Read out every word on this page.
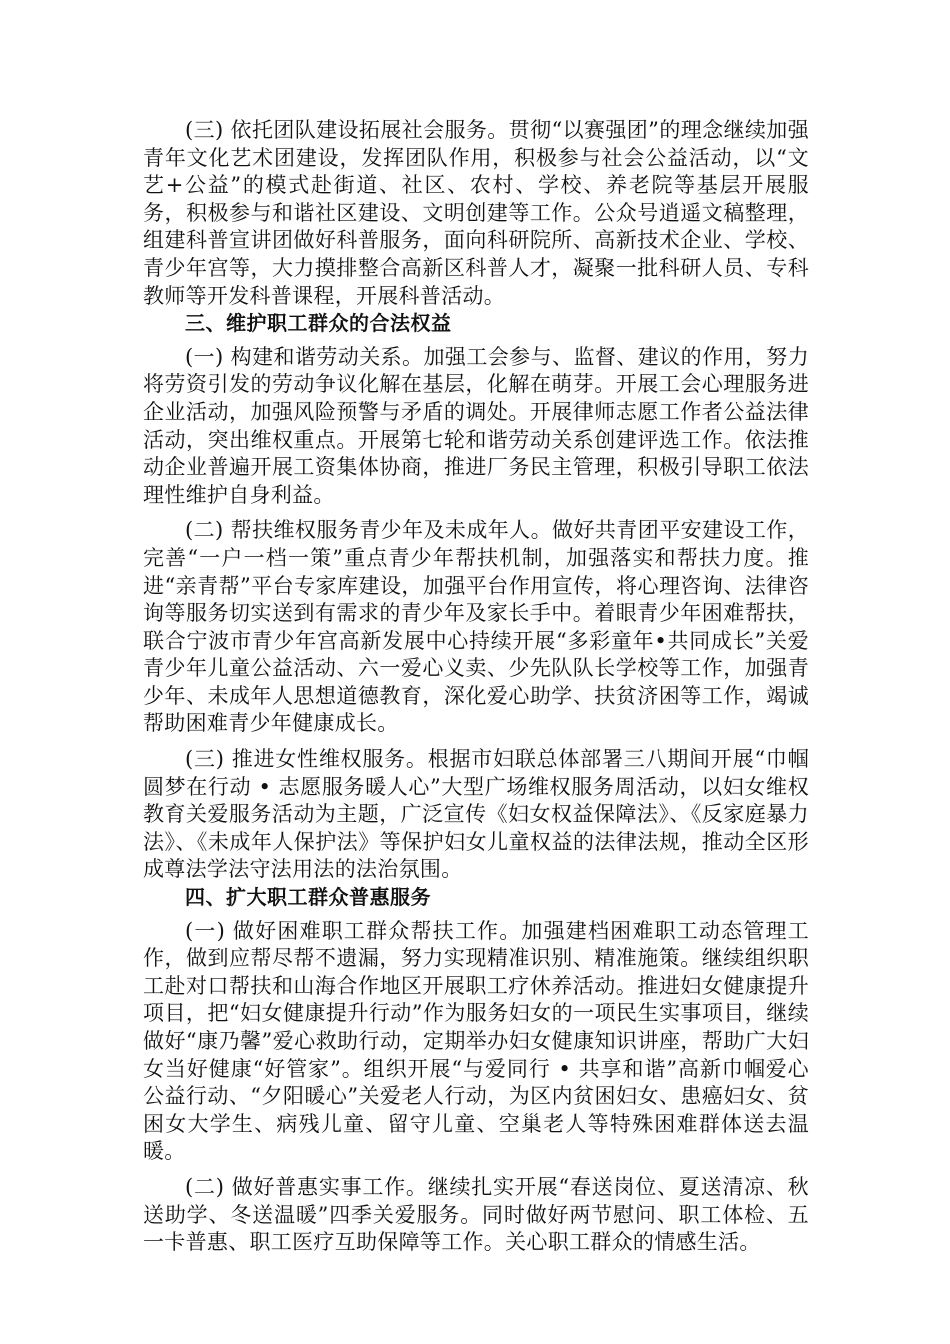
(三) 依托团队建设拓展社会服务。贯彻“以赛强团”的理念继续加强青年文化艺术团建设，发挥团队作用，积极参与社会公益活动，以“文艺+公益”的模式赴街道、社区、农村、学校、养老院等基层开展服务，积极参与和谐社区建设、文明创建等工作。公众号逍遥文稿整理，组建科普宣讲团做好科普服务，面向科研院所、高新技术企业、学校、青少年宫等，大力摸排整合高新区科普人才，凝聚一批科研人员、专科教师等开发科普课程，开展科普活动。

三、维护职工群众的合法权益

(一) 构建和谐劳动关系。加强工会参与、监督、建议的作用，努力将劳资引发的劳动争议化解在基层，化解在萌芽。开展工会心理服务进企业活动，加强风险预警与矛盾的调处。开展律师志愿工作者公益法律活动，突出维权重点。开展第七轮和谐劳动关系创建评选工作。依法推动企业普遍开展工资集体协商，推进厂务民主管理，积极引导职工依法理性维护自身利益。

(二) 帮扶维权服务青少年及未成年人。做好共青团平安建设工作，完善“一户一档一策”重点青少年帮扶机制，加强落实和帮扶力度。推进“亲青帮”平台专家库建设，加强平台作用宣传，将心理咨询、法律咨询等服务切实送到有需求的青少年及家长手中。着眼青少年困难帮扶，联合宁波市青少年宫高新发展中心持续开展“多彩童年•共同成长”关爱青少年儿童公益活动、六一爱心义卖、少先队队长学校等工作，加强青少年、未成年人思想道德教育，深化爱心助学、扶贫济困等工作，竭诚帮助困难青少年健康成长。

(三) 推进女性维权服务。根据市妇联总体部署三八期间开展“巾帼圆梦在行动 • 志愿服务暖人心”大型广场维权服务周活动，以妇女维权教育关爱服务活动为主题，广泛宣传《妇女权益保障法》、《反家庭暴力法》、《未成年人保护法》等保护妇女儿童权益的法律法规，推动全区形成尊法学法守法用法的法治氛围。

四、扩大职工群众普惠服务

(一) 做好困难职工群众帮扶工作。加强建档困难职工动态管理工作，做到应帮尽帮不遗漏，努力实现精准识别、精准施策。继续组织职工赴对口帮扶和山海合作地区开展职工疗休养活动。推进妇女健康提升项目，把“妇女健康提升行动”作为服务妇女的一项民生实事项目，继续做好“康乃馨”爱心救助行动，定期举办妇女健康知识讲座，帮助广大妇女当好健康“好管家”。组织开展“与爱同行 • 共享和谐”高新巾帼爱心公益行动、“夕阳暖心”关爱老人行动，为区内贫困妇女、患癌妇女、贫困女大学生、病残儿童、留守儿童、空巢老人等特殊困难群体送去温暖。

(二) 做好普惠实事工作。继续扎实开展“春送岗位、夏送清凉、秋送助学、冬送温暖”四季关爱服务。同时做好两节慰问、职工体检、五一卡普惠、职工医疗互助保障等工作。关心职工群众的情感生活。
